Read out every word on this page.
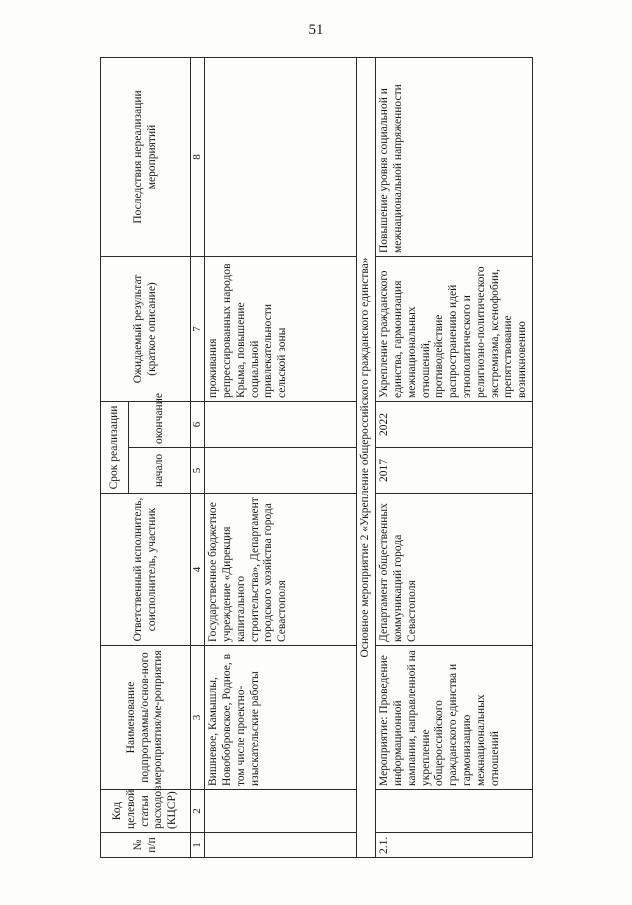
51
№ п/п	Код целевой статьи расходов (КЦСР)	Наименование подпрограммы/основ-ного мероприятия/ме-роприятия	Ответственный исполнитель, соисполнитель, участник	Срок реализации		Ожидаемый результат (краткое описание)	Последствия нереализации мероприятий
				начало	окончание		
1	2	3	4	5	6	7	8
		Вишневое, Камышлы, Новобобровское, Родное, в том числе проектно-изыскательские работы	Государственное бюджетное учреждение «Дирекция капитального строительства», Департамент городского хозяйства города Севастополя			проживания репрессированных народов Крыма, повышение социальной привлекательности сельской зоны	
Основное мероприятие 2 «Укрепление общероссийского гражданского единства»							
2.1.		Мероприятие: Проведение информационной кампании, направленной на укрепление общероссийского гражданского единства и гармонизацию межнациональных отношений	Департамент общественных коммуникаций города Севастополя	2017	2022	Укрепление гражданского единства, гармонизация межнациональных отношений, противодействие распространению идей этнополитического и религиозно-политического экстремизма, ксенофобии, препятствование возникновению	Повышение уровня социальной и межнациональной напряженности
